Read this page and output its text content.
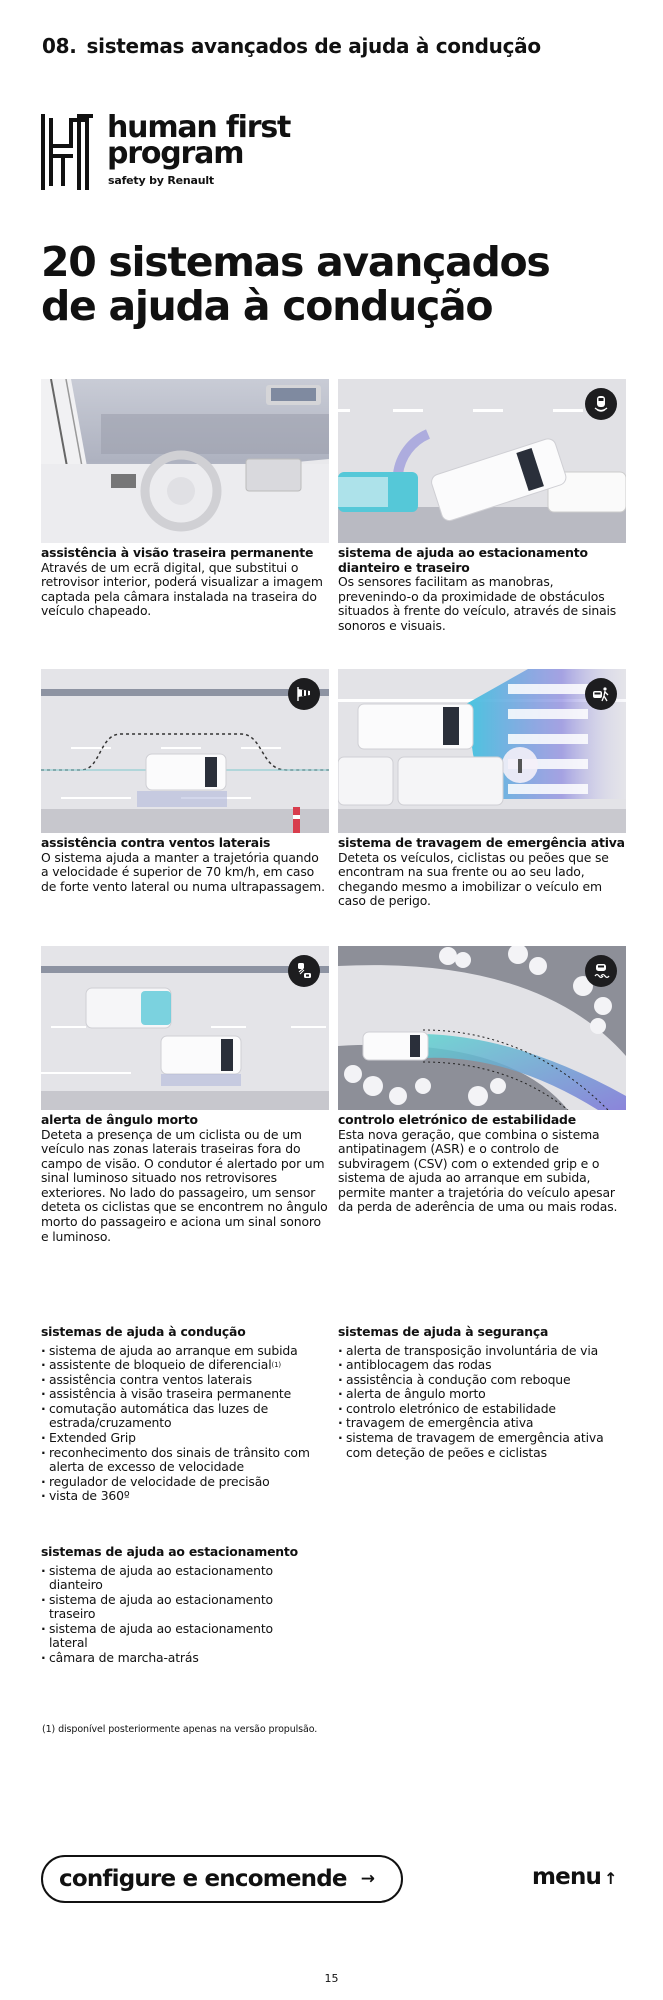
08. sistemas avançados de ajuda à condução
human first
program
safety by Renault
20 sistemas avançados
de ajuda à condução
assistência à visão traseira permanente
Através de um ecrã digital, que substitui o retrovisor interior, poderá visualizar a imagem captada pela câmara instalada na traseira do veículo chapeado.
sistema de ajuda ao estacionamento dianteiro e traseiro
Os sensores facilitam as manobras, prevenindo-o da proximidade de obstáculos situados à frente do veículo, através de sinais sonoros e visuais.
assistência contra ventos laterais
O sistema ajuda a manter a trajetória quando a velocidade é superior de 70 km/h, em caso de forte vento lateral ou numa ultrapassagem.
sistema de travagem de emergência ativa
Deteta os veículos, ciclistas ou peões que se encontram na sua frente ou ao seu lado, chegando mesmo a imobilizar o veículo em caso de perigo.
alerta de ângulo morto
Deteta a presença de um ciclista ou de um veículo nas zonas laterais traseiras fora do campo de visão. O condutor é alertado por um sinal luminoso situado nos retrovisores exteriores. No lado do passageiro, um sensor deteta os ciclistas que se encontrem no ângulo morto do passageiro e aciona um sinal sonoro e luminoso.
controlo eletrónico de estabilidade
Esta nova geração, que combina o sistema antipatinagem (ASR) e o controlo de subviragem (CSV) com o extended grip e o sistema de ajuda ao arranque em subida, permite manter a trajetória do veículo apesar da perda de aderência de uma ou mais rodas.
sistemas de ajuda à condução
· sistema de ajuda ao arranque em subida
· assistente de bloqueio de diferencial$^{(1)}$
· assistência contra ventos laterais
· assistência à visão traseira permanente
· comutação automática das luzes de estrada/cruzamento
· Extended Grip
· reconhecimento dos sinais de trânsito com alerta de excesso de velocidade
· regulador de velocidade de precisão
· vista de 360º
sistemas de ajuda à segurança
· alerta de transposição involuntária de via
· antiblocagem das rodas
· assistência à condução com reboque
· alerta de ângulo morto
· controlo eletrónico de estabilidade
· travagem de emergência ativa
· sistema de travagem de emergência ativa com deteção de peões e ciclistas
sistemas de ajuda ao estacionamento
· sistema de ajuda ao estacionamento dianteiro
· sistema de ajuda ao estacionamento traseiro
· sistema de ajuda ao estacionamento lateral
· câmara de marcha-atrás
(1) disponível posteriormente apenas na versão propulsão.
configure e encomende →	menu ↑
15
